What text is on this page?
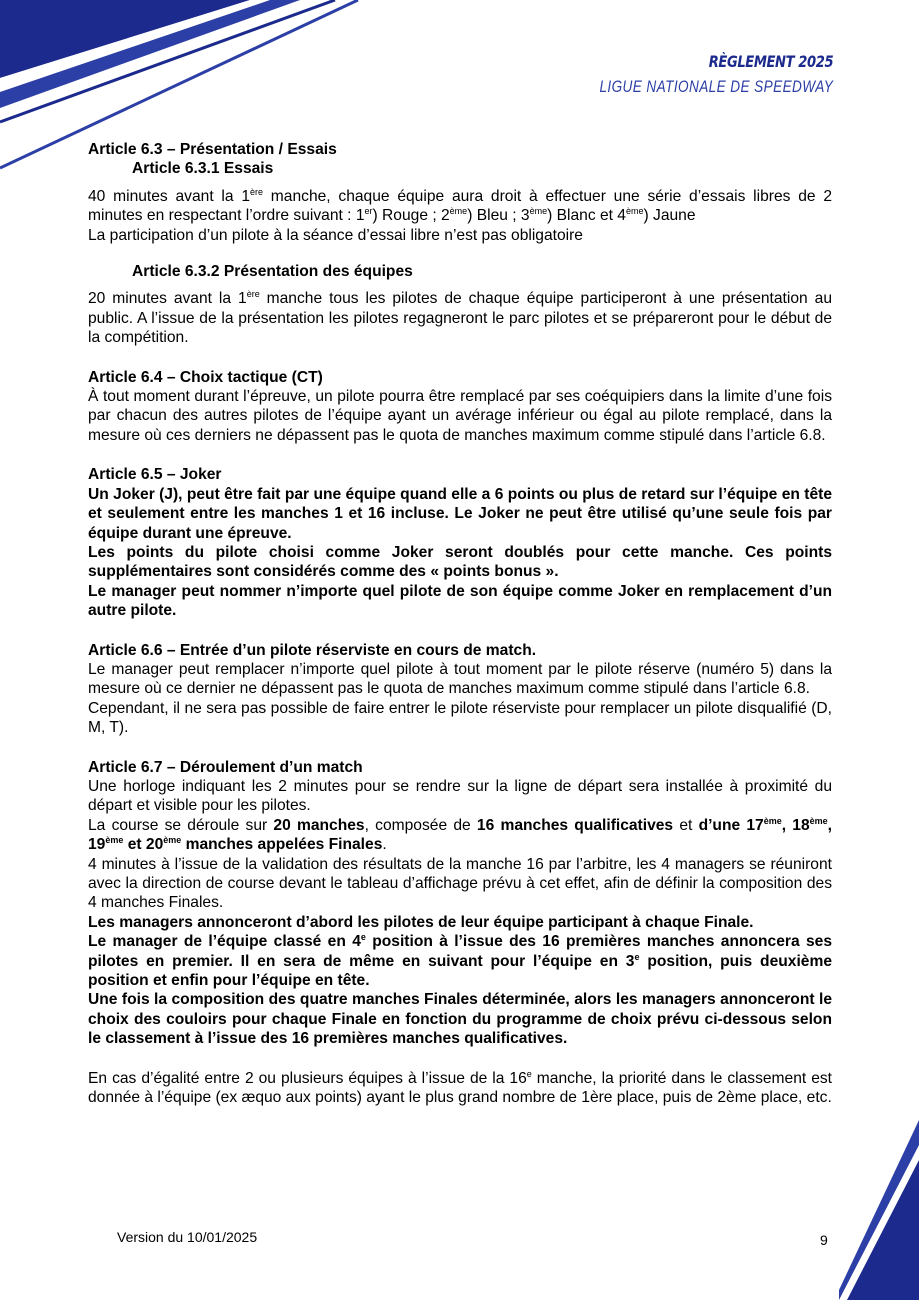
RÈGLEMENT 2025
LIGUE NATIONALE DE SPEEDWAY

Article 6.3 – Présentation / Essais

Article 6.3.1 Essais

40 minutes avant la 1ère manche, chaque équipe aura droit à effectuer une série d’essais libres de 2 minutes en respectant l’ordre suivant : 1er) Rouge ; 2ème) Bleu ; 3ème) Blanc et 4ème) Jaune

La participation d’un pilote à la séance d’essai libre n’est pas obligatoire

Article 6.3.2 Présentation des équipes

20 minutes avant la 1ère manche tous les pilotes de chaque équipe participeront à une présentation au public. A l’issue de la présentation les pilotes regagneront le parc pilotes et se prépareront pour le début de la compétition.

Article 6.4 – Choix tactique (CT)

À tout moment durant l’épreuve, un pilote pourra être remplacé par ses coéquipiers dans la limite d’une fois par chacun des autres pilotes de l’équipe ayant un avérage inférieur ou égal au pilote remplacé, dans la mesure où ces derniers ne dépassent pas le quota de manches maximum comme stipulé dans l’article 6.8.

Article 6.5 – Joker

Un Joker (J), peut être fait par une équipe quand elle a 6 points ou plus de retard sur l’équipe en tête et seulement entre les manches 1 et 16 incluse. Le Joker ne peut être utilisé qu’une seule fois par équipe durant une épreuve.

Les points du pilote choisi comme Joker seront doublés pour cette manche. Ces points supplémentaires sont considérés comme des « points bonus ».

Le manager peut nommer n’importe quel pilote de son équipe comme Joker en remplacement d’un autre pilote.

Article 6.6 – Entrée d’un pilote réserviste en cours de match.

Le manager peut remplacer n’importe quel pilote à tout moment par le pilote réserve (numéro 5) dans la mesure où ce dernier ne dépassent pas le quota de manches maximum comme stipulé dans l’article 6.8.

Cependant, il ne sera pas possible de faire entrer le pilote réserviste pour remplacer un pilote disqualifié (D, M, T).

Article 6.7 – Déroulement d’un match

Une horloge indiquant les 2 minutes pour se rendre sur la ligne de départ sera installée à proximité du départ et visible pour les pilotes.

La course se déroule sur 20 manches, composée de 16 manches qualificatives et d’une 17ème, 18ème, 19ème et 20ème manches appelées Finales.

4 minutes à l’issue de la validation des résultats de la manche 16 par l’arbitre, les 4 managers se réuniront avec la direction de course devant le tableau d’affichage prévu à cet effet, afin de définir la composition des 4 manches Finales.

Les managers annonceront d’abord les pilotes de leur équipe participant à chaque Finale.

Le manager de l’équipe classé en 4e position à l’issue des 16 premières manches annoncera ses pilotes en premier. Il en sera de même en suivant pour l’équipe en 3e position, puis deuxième position et enfin pour l’équipe en tête.

Une fois la composition des quatre manches Finales déterminée, alors les managers annonceront le choix des couloirs pour chaque Finale en fonction du programme de choix prévu ci-dessous selon le classement à l’issue des 16 premières manches qualificatives.

En cas d’égalité entre 2 ou plusieurs équipes à l’issue de la 16e manche, la priorité dans le classement est donnée à l’équipe (ex æquo aux points) ayant le plus grand nombre de 1ère place, puis de 2ème place, etc.

Version du 10/01/2025	9
